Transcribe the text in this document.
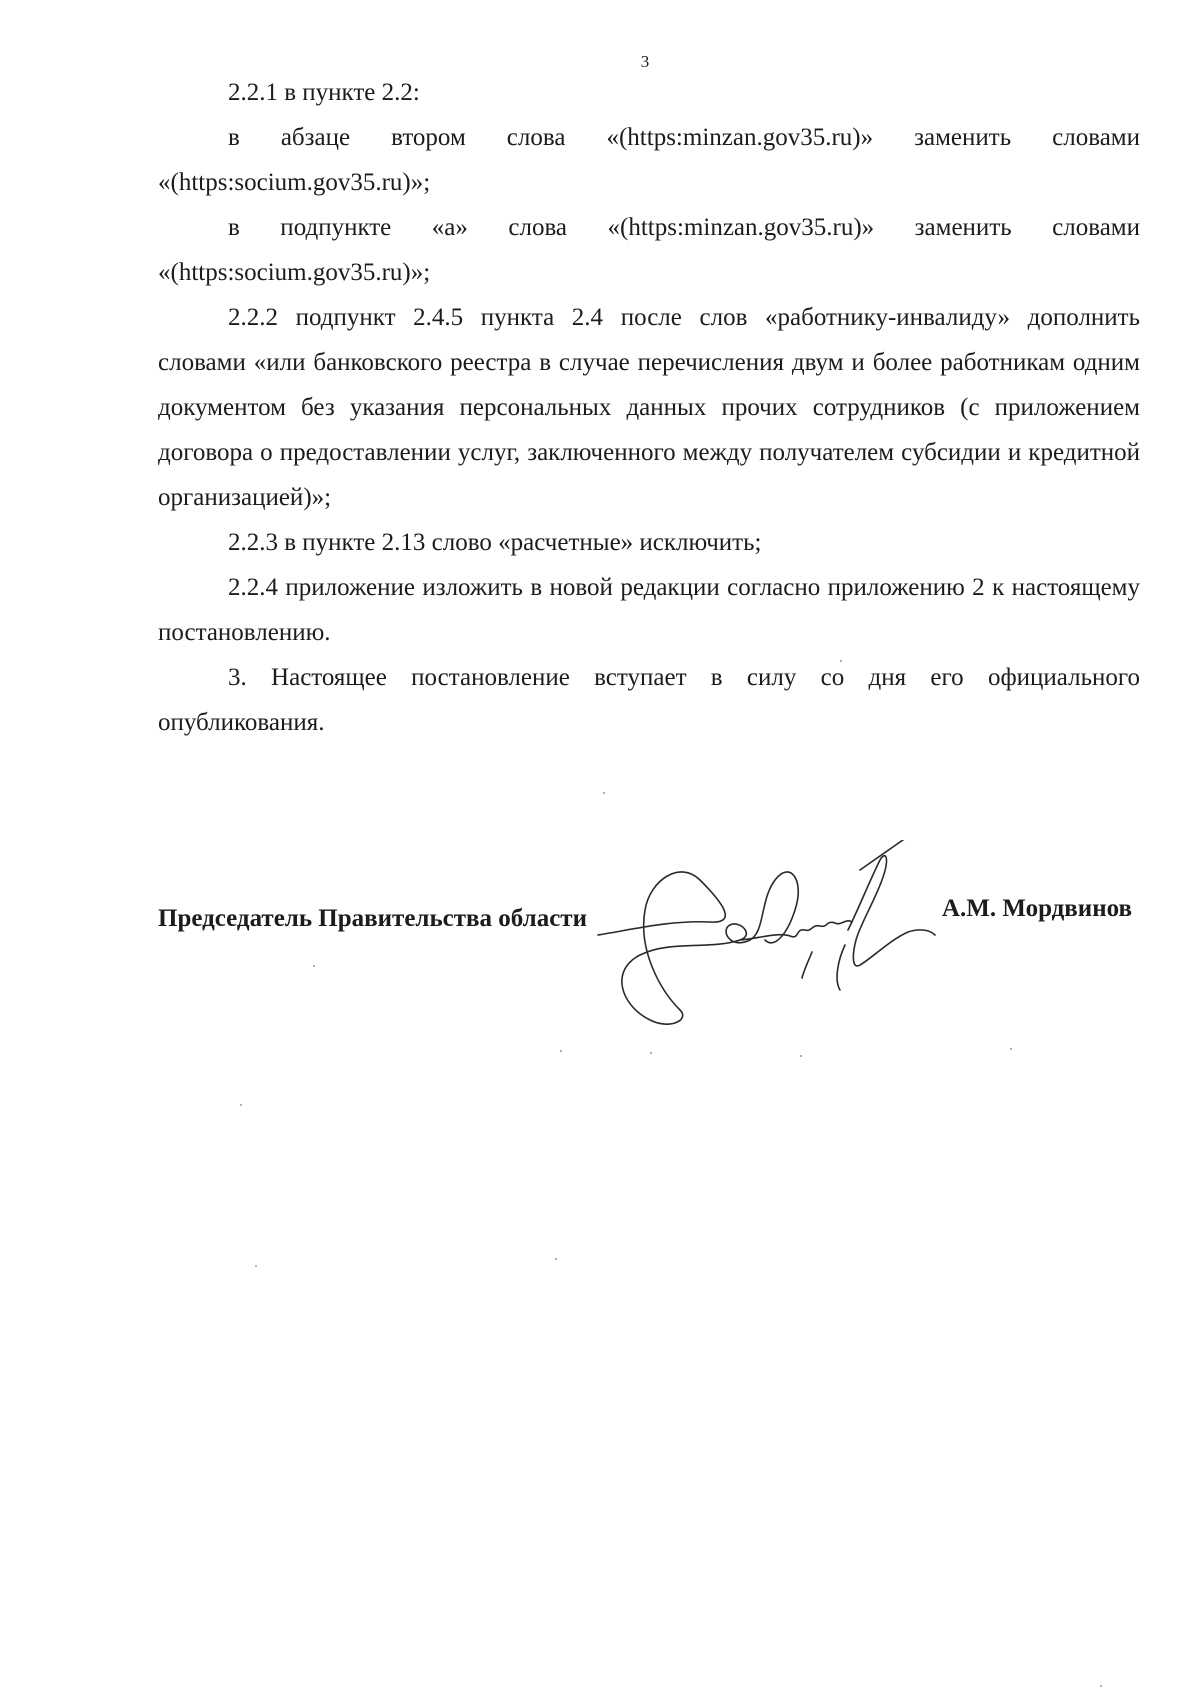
3

2.2.1 в пункте 2.2:

в абзаце втором слова «(https:minzan.gov35.ru)» заменить словами «(https:socium.gov35.ru)»;

в подпункте «а» слова «(https:minzan.gov35.ru)» заменить словами «(https:socium.gov35.ru)»;

2.2.2 подпункт 2.4.5 пункта 2.4 после слов «работнику-инвалиду» дополнить словами «или банковского реестра в случае перечисления двум и более работникам одним документом без указания персональных данных прочих сотрудников (с приложением договора о предоставлении услуг, заключенного между получателем субсидии и кредитной организацией)»;

2.2.3 в пункте 2.13 слово «расчетные» исключить;

2.2.4 приложение изложить в новой редакции согласно приложению 2 к настоящему постановлению.

3. Настоящее постановление вступает в силу со дня его официального опубликования.

Председатель Правительства области	А.М. Мордвинов
